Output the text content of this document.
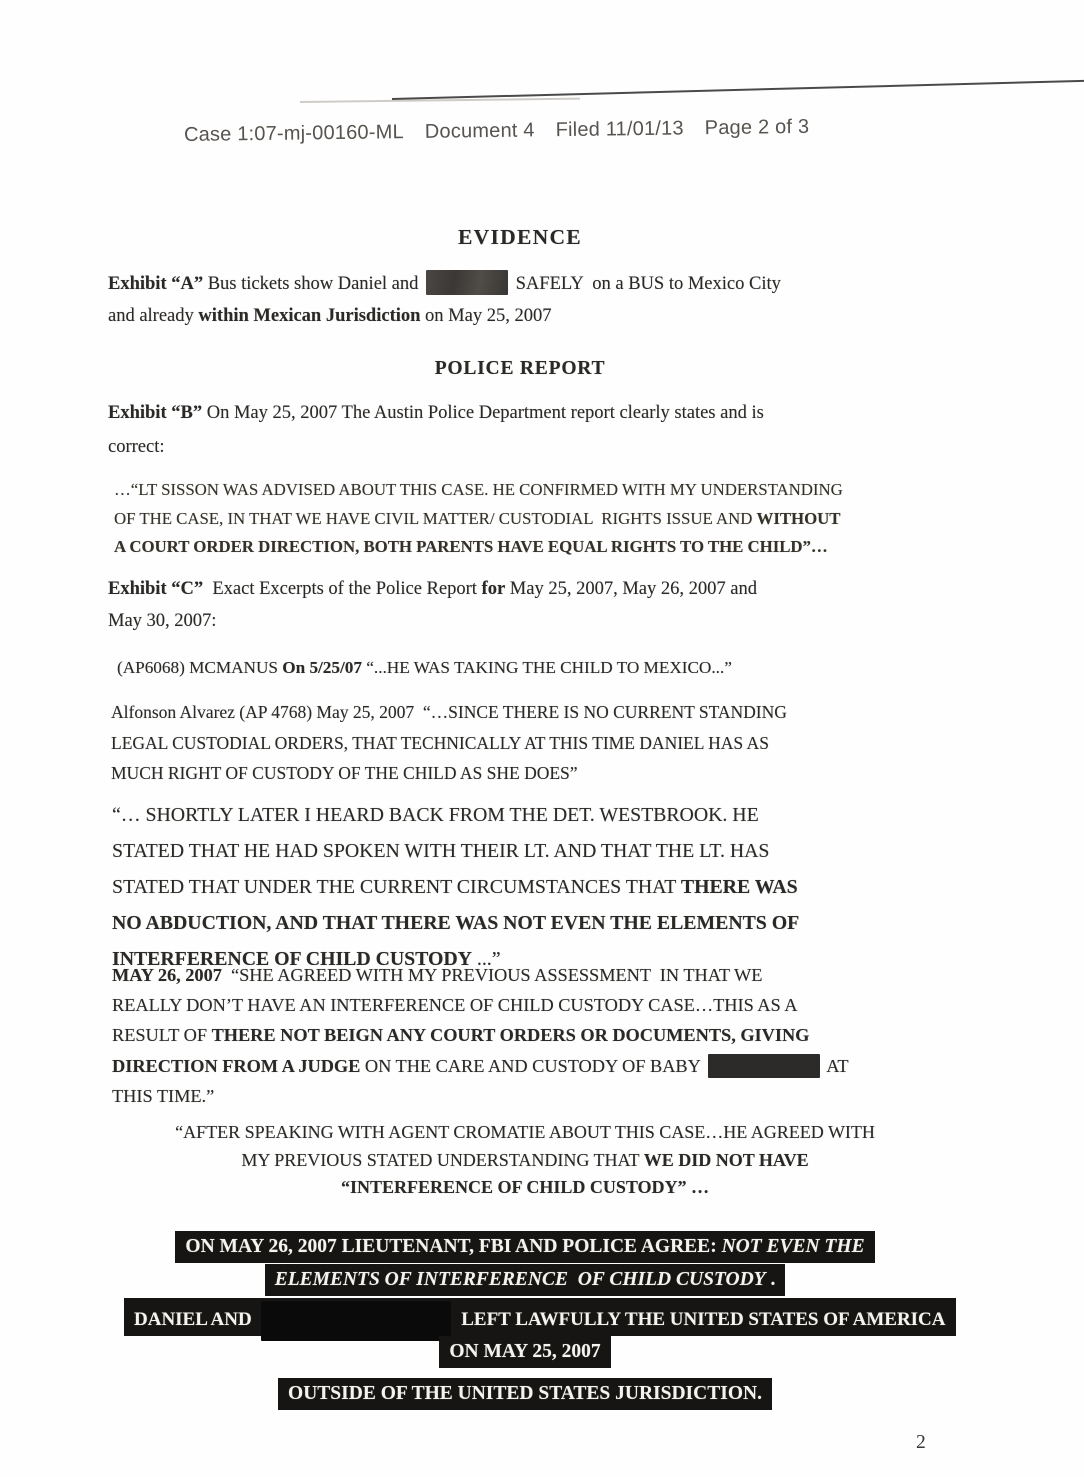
Case 1:07-mj-00160-ML Document 4 Filed 11/01/13 Page 2 of 3
EVIDENCE
Exhibit “A” Bus tickets show Daniel and	SAFELY  on a BUS to Mexico City
and already within Mexican Jurisdiction on May 25, 2007
POLICE REPORT
Exhibit “B” On May 25, 2007 The Austin Police Department report clearly states and is
correct:
…“LT SISSON WAS ADVISED ABOUT THIS CASE. HE CONFIRMED WITH MY UNDERSTANDING
OF THE CASE, IN THAT WE HAVE CIVIL MATTER/ CUSTODIAL  RIGHTS ISSUE AND WITHOUT
A COURT ORDER DIRECTION, BOTH PARENTS HAVE EQUAL RIGHTS TO THE CHILD”…
Exhibit “C”  Exact Excerpts of the Police Report for May 25, 2007, May 26, 2007 and
May 30, 2007:
(AP6068) MCMANUS On 5/25/07 “...HE WAS TAKING THE CHILD TO MEXICO...”
Alfonson Alvarez (AP 4768) May 25, 2007  “…SINCE THERE IS NO CURRENT STANDING
LEGAL CUSTODIAL ORDERS, THAT TECHNICALLY AT THIS TIME DANIEL HAS AS
MUCH RIGHT OF CUSTODY OF THE CHILD AS SHE DOES”
“… SHORTLY LATER I HEARD BACK FROM THE DET. WESTBROOK. HE
STATED THAT HE HAD SPOKEN WITH THEIR LT. AND THAT THE LT. HAS
STATED THAT UNDER THE CURRENT CIRCUMSTANCES THAT THERE WAS
NO ABDUCTION, AND THAT THERE WAS NOT EVEN THE ELEMENTS OF
INTERFERENCE OF CHILD CUSTODY ...”
MAY 26, 2007  “SHE AGREED WITH MY PREVIOUS ASSESSMENT  IN THAT WE
REALLY DON’T HAVE AN INTERFERENCE OF CHILD CUSTODY CASE…THIS AS A
RESULT OF THERE NOT BEIGN ANY COURT ORDERS OR DOCUMENTS, GIVING
DIRECTION FROM A JUDGE ON THE CARE AND CUSTODY OF BABY	AT
THIS TIME.”
“AFTER SPEAKING WITH AGENT CROMATIE ABOUT THIS CASE…HE AGREED WITH
MY PREVIOUS STATED UNDERSTANDING THAT WE DID NOT HAVE
“INTERFERENCE OF CHILD CUSTODY” …
ON MAY 26, 2007 LIEUTENANT, FBI AND POLICE AGREE: NOT EVEN THE
ELEMENTS OF INTERFERENCE  OF CHILD CUSTODY .
DANIEL AND	LEFT LAWFULLY THE UNITED STATES OF AMERICA
ON MAY 25, 2007
OUTSIDE OF THE UNITED STATES JURISDICTION.
2
